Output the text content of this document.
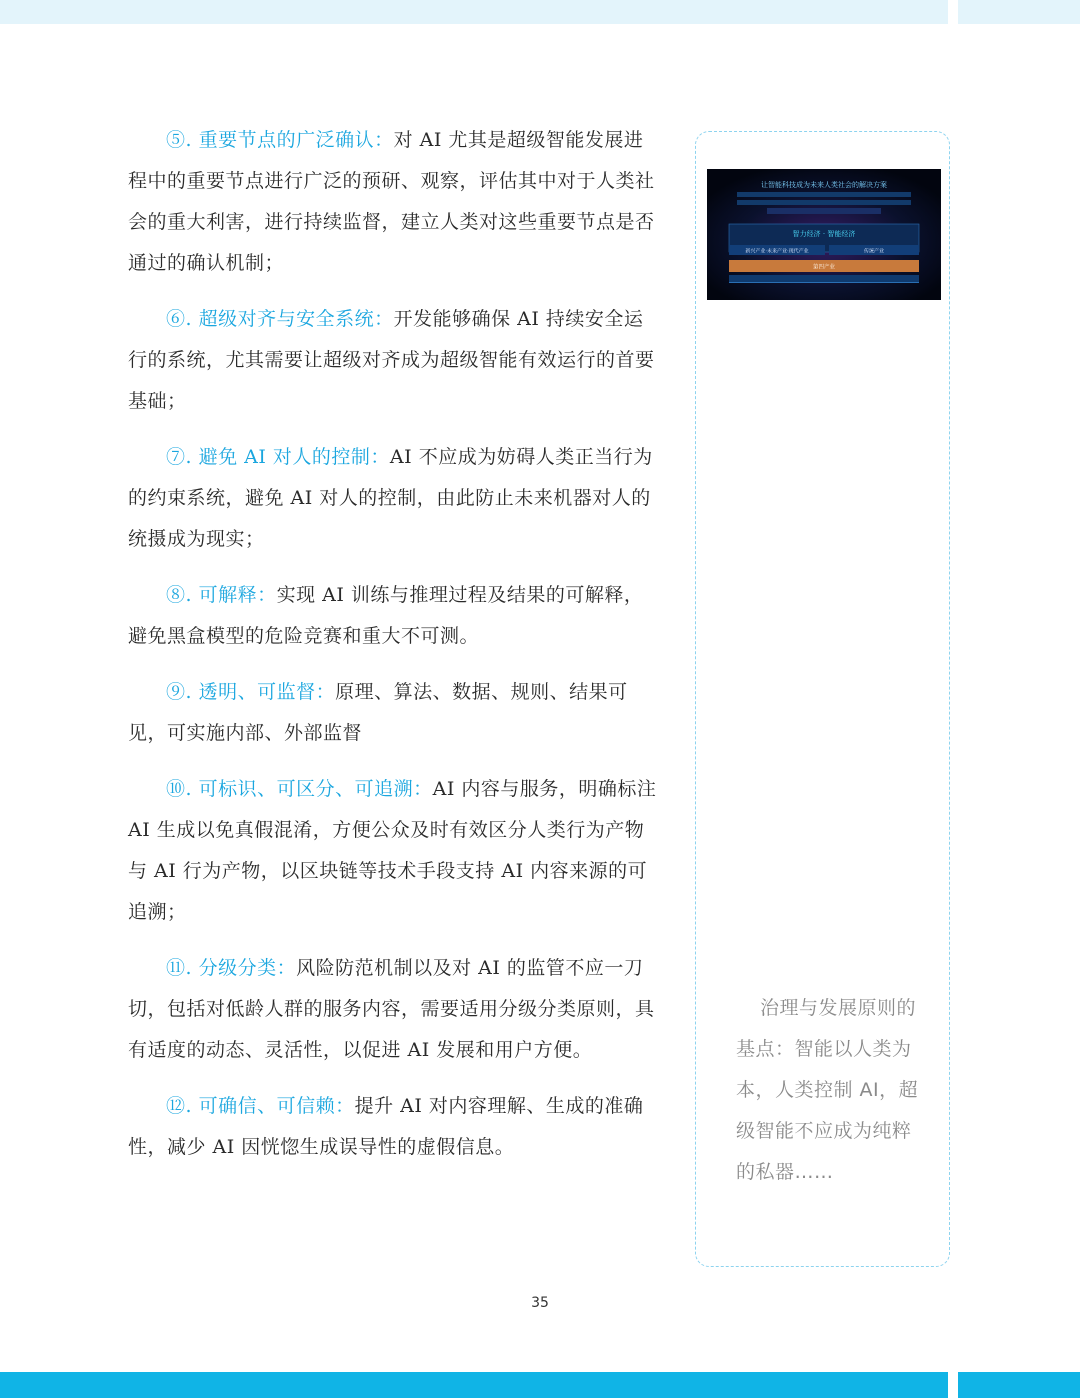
⑤. 重要节点的广泛确认：对 AI 尤其是超级智能发展进程中的重要节点进行广泛的预研、观察，评估其中对于人类社会的重大利害，进行持续监督，建立人类对这些重要节点是否通过的确认机制；

⑥. 超级对齐与安全系统：开发能够确保 AI 持续安全运行的系统，尤其需要让超级对齐成为超级智能有效运行的首要基础；

⑦. 避免 AI 对人的控制：AI 不应成为妨碍人类正当行为的约束系统，避免 AI 对人的控制，由此防止未来机器对人的统摄成为现实；

⑧. 可解释：实现 AI 训练与推理过程及结果的可解释，避免黑盒模型的危险竞赛和重大不可测。

⑨. 透明、可监督：原理、算法、数据、规则、结果可见，可实施内部、外部监督

⑩. 可标识、可区分、可追溯：AI 内容与服务，明确标注 AI 生成以免真假混淆，方便公众及时有效区分人类行为产物与 AI 行为产物，以区块链等技术手段支持 AI 内容来源的可追溯；

⑪. 分级分类：风险防范机制以及对 AI 的监管不应一刀切，包括对低龄人群的服务内容，需要适用分级分类原则，具有适度的动态、灵活性，以促进 AI 发展和用户方便。

⑫. 可确信、可信赖：提升 AI 对内容理解、生成的准确性，减少 AI 因恍惚生成误导性的虚假信息。

让智能科技成为未来人类社会的解决方案
智力经济 · 智能经济
新兴产业·未来产业·现代产业	传统产业
第四产业
治理与发展原则的基点：智能以人类为本，人类控制 AI，超级智能不应成为纯粹的私器……
35
